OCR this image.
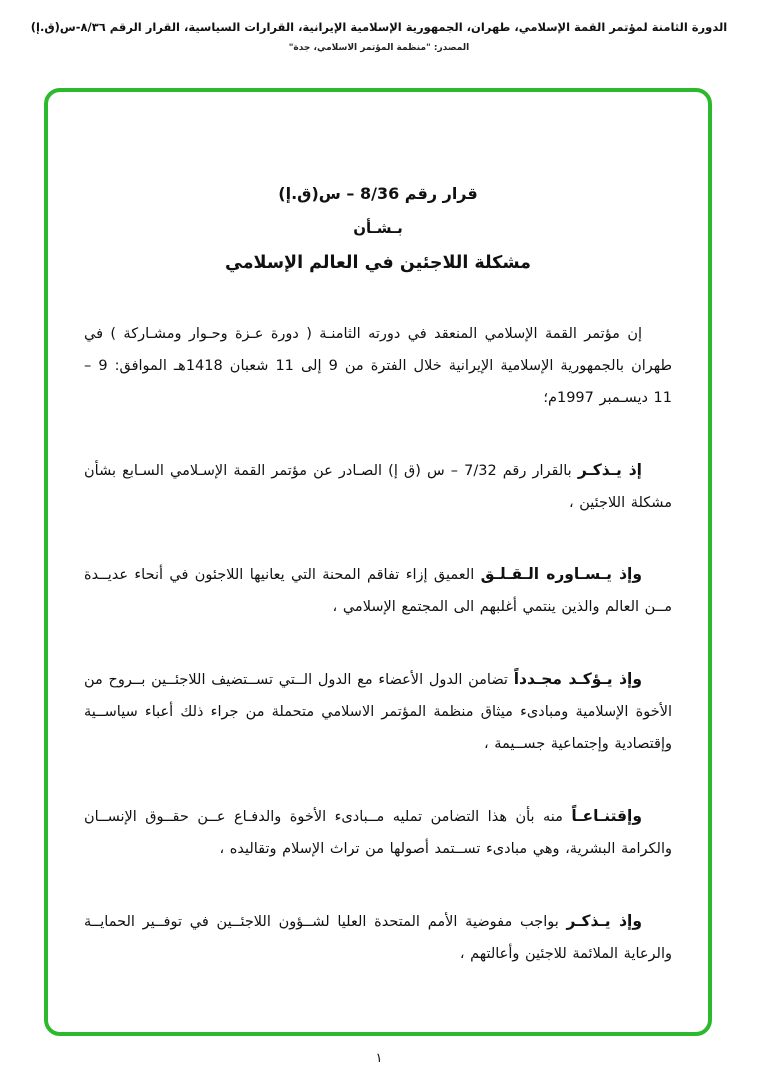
الدورة الثامنة لمؤتمر القمة الإسلامي، طهران، الجمهورية الإسلامية الإيرانية، القرارات السياسية، القرار الرقم ٨/٣٦-س(ق.إ)
المصدر: "منظمة المؤتمر الاسلامي، جدة"
قرار رقم 8/36 – س(ق.إ)
بـشـأن
مشكلة اللاجئين في العالم الإسلامي

إن مؤتمر القمة الإسلامي المنعقد في دورته الثامنـة ( دورة عـزة وحـوار ومشـاركة ) في طهران بالجمهورية الإسلامية الإيرانية خلال الفترة من 9 إلى 11 شعبان 1418هـ الموافق: 9 – 11 ديسـمبر 1997م؛

إذ يـذكـر بالقرار رقم 7/32 – س (ق إ) الصـادر عن مؤتمر القمة الإسـلامي السـابع بشأن مشكلة اللاجئين ،

وإذ يـسـاوره الـقـلـق العميق إزاء تفاقم المحنة التي يعانيها اللاجئون في أنحاء عديــدة مــن العالم والذين ينتمي أغلبهم الى المجتمع الإسلامي ،

وإذ يـؤكـد مجـدداً تضامن الدول الأعضاء مع الدول الــتي تســتضيف اللاجئــين بــروح من الأخوة الإسلامية ومبادىء ميثاق منظمة المؤتمر الاسلامي متحملة من جراء ذلك أعباء سياســية وإقتصادية وإجتماعية جســيمة ،

وإقتنـاعـاً منه بأن هذا التضامن تمليه مــبادىء الأخوة والدفـاع عــن حقــوق الإنســان والكرامة البشرية، وهي مبادىء تســتمد أصولها من تراث الإسلام وتقاليده ،

وإذ يـذكـر بواجب مفوضية الأمم المتحدة العليا لشــؤون اللاجئــين في توفــير الحمايــة والرعاية الملائمة للاجئين وأعالتهم ،

١
